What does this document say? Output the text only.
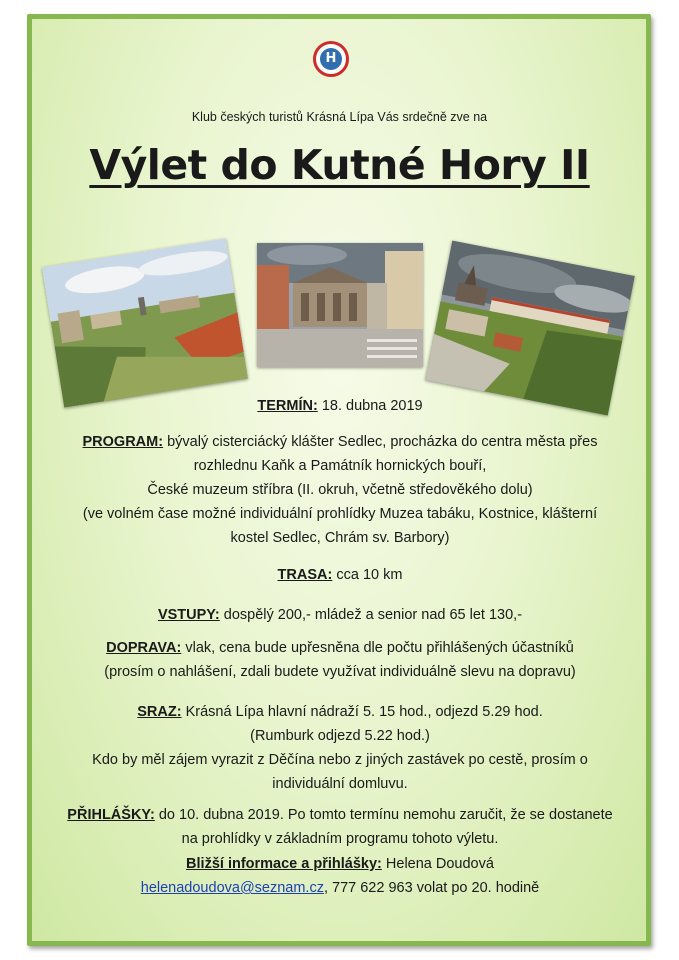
H
Klub českých turistů Krásná Lípa Vás srdečně zve na
Výlet do Kutné Hory II
TERMÍN: 18. dubna 2019
PROGRAM: bývalý cisterciácký klášter Sedlec, procházka do centra města přes
rozhlednu Kaňk a Památník hornických bouří,
České muzeum stříbra (II. okruh, včetně středověkého dolu)
(ve volném čase možné individuální prohlídky Muzea tabáku, Kostnice, klášterní
kostel Sedlec, Chrám sv. Barbory)
TRASA: cca 10 km
VSTUPY: dospělý 200,- mládež a senior nad 65 let 130,-
DOPRAVA: vlak, cena bude upřesněna dle počtu přihlášených účastníků
(prosím o nahlášení, zdali budete využívat individuálně slevu na dopravu)
SRAZ: Krásná Lípa hlavní nádraží 5. 15 hod., odjezd 5.29 hod.
(Rumburk odjezd 5.22 hod.)
Kdo by měl zájem vyrazit z Děčína nebo z jiných zastávek po cestě, prosím o
individuální domluvu.
PŘIHLÁŠKY: do 10. dubna 2019. Po tomto termínu nemohu zaručit, že se dostanete
na prohlídky v základním programu tohoto výletu.
Bližší informace a přihlášky: Helena Doudová
helenadoudova@seznam.cz, 777 622 963 volat po 20. hodině
